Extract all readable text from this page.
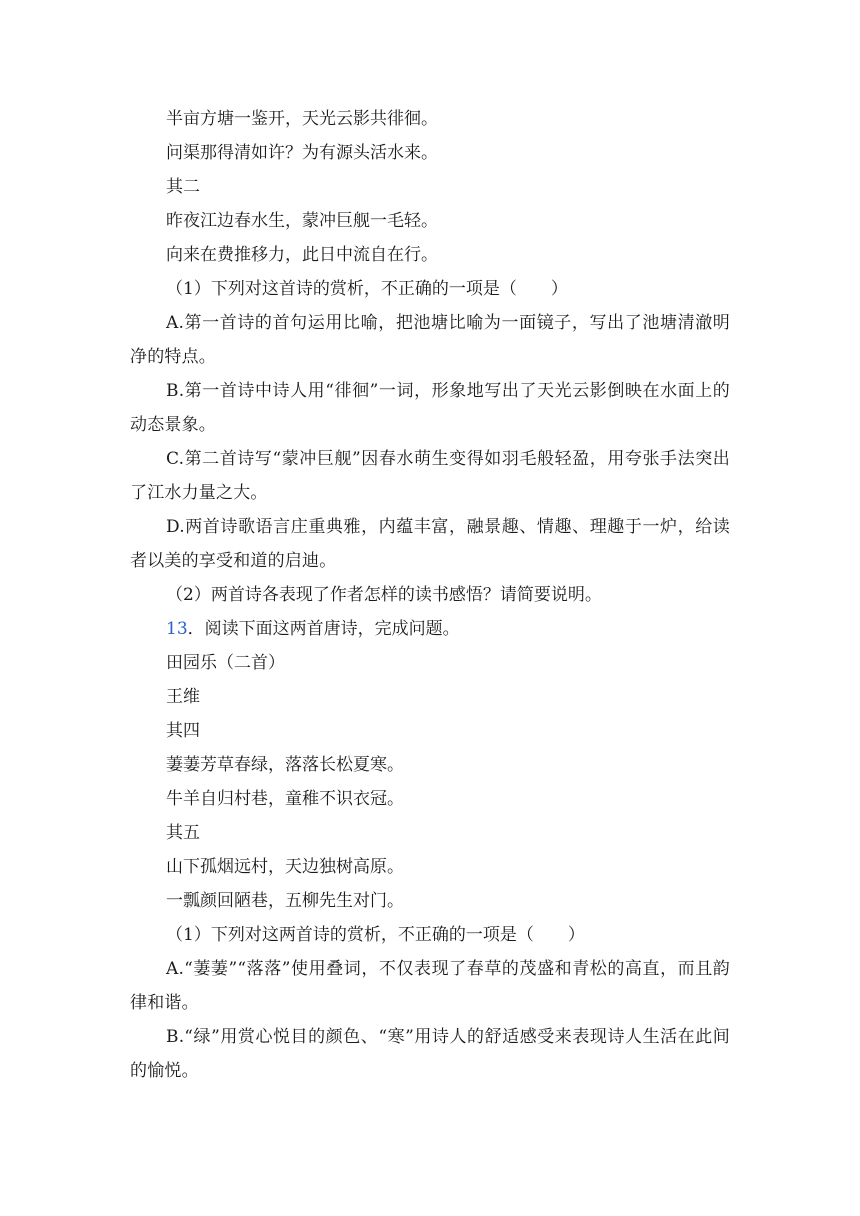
半亩方塘一鉴开，天光云影共徘徊。
问渠那得清如许？为有源头活水来。
其二
昨夜江边春水生，蒙冲巨舰一毛轻。
向来在费推移力，此日中流自在行。
（1）下列对这首诗的赏析，不正确的一项是（　　）
A.第一首诗的首句运用比喻，把池塘比喻为一面镜子，写出了池塘清澈明净的特点。
B.第一首诗中诗人用“徘徊”一词，形象地写出了天光云影倒映在水面上的动态景象。
C.第二首诗写“蒙冲巨舰”因春水萌生变得如羽毛般轻盈，用夸张手法突出了江水力量之大。
D.两首诗歌语言庄重典雅，内蕴丰富，融景趣、情趣、理趣于一炉，给读者以美的享受和道的启迪。
（2）两首诗各表现了作者怎样的读书感悟？请简要说明。
13．阅读下面这两首唐诗，完成问题。
田园乐（二首）
王维
其四
萋萋芳草春绿，落落长松夏寒。
牛羊自归村巷，童稚不识衣冠。
其五
山下孤烟远村，天边独树高原。
一瓢颜回陋巷，五柳先生对门。
（1）下列对这两首诗的赏析，不正确的一项是（　　）
A.“萋萋”“落落”使用叠词，不仅表现了春草的茂盛和青松的高直，而且韵律和谐。
B.“绿”用赏心悦目的颜色、“寒”用诗人的舒适感受来表现诗人生活在此间的愉悦。
